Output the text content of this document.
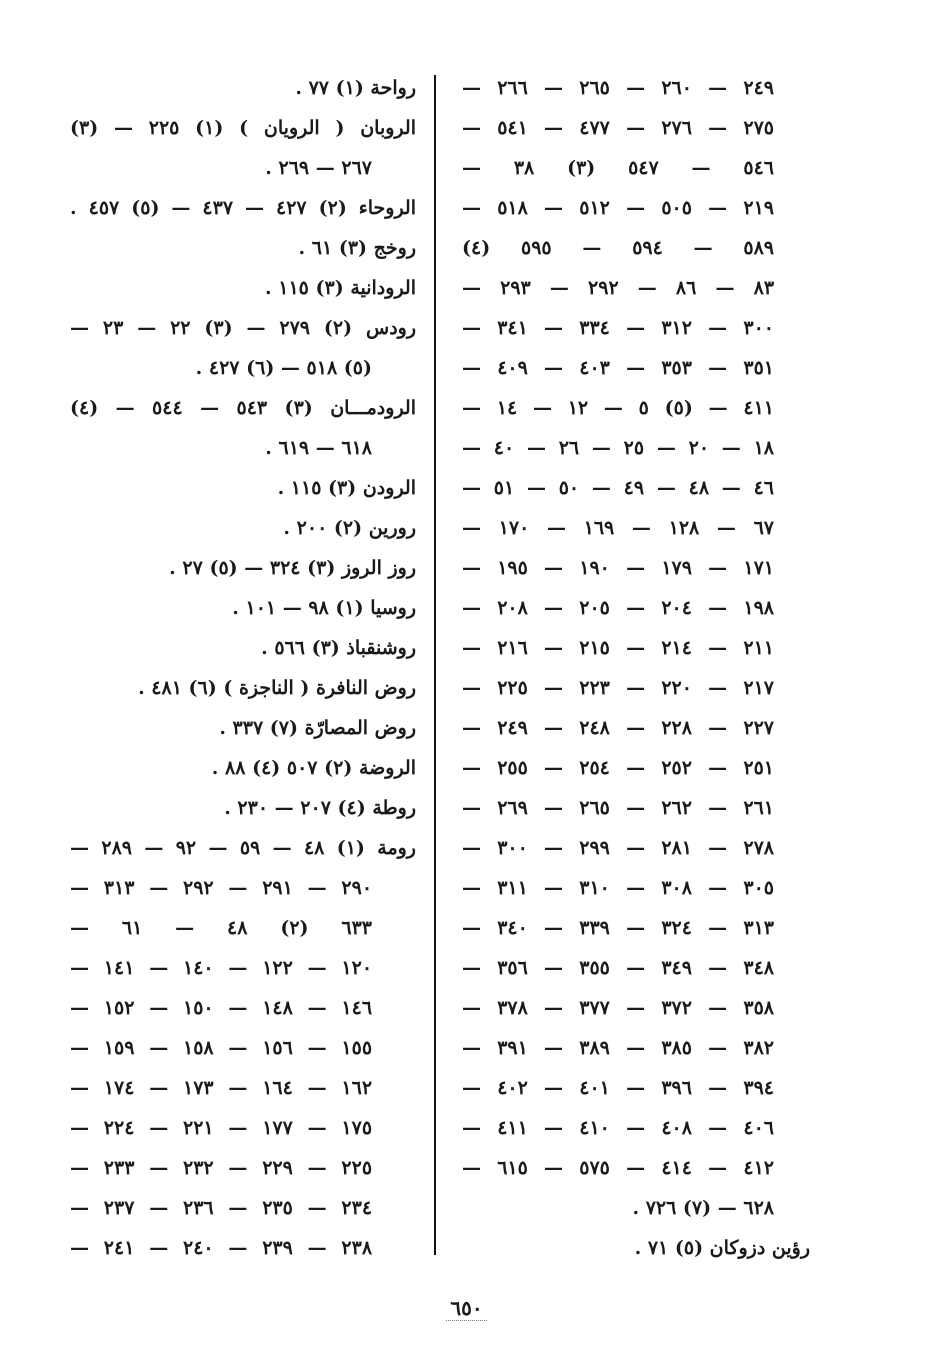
٢٤٩ — ٢٦٠ — ٢٦٥ — ٢٦٦ —
٢٧٥ — ٢٧٦ — ٤٧٧ — ٥٤١ —
٥٤٦ — ٥٤٧ (٣) ٣٨ —
٢١٩ — ٥٠٥ — ٥١٢ — ٥١٨ —
٥٨٩ — ٥٩٤ — ٥٩٥ (٤)
٨٣ — ٨٦ — ٢٩٢ — ٢٩٣ —
٣٠٠ — ٣١٢ — ٣٣٤ — ٣٤١ —
٣٥١ — ٣٥٣ — ٤٠٣ — ٤٠٩ —
٤١١ — (٥) ٥ — ١٢ — ١٤ —
١٨ — ٢٠ — ٢٥ — ٢٦ — ٤٠ —
٤٦ — ٤٨ — ٤٩ — ٥٠ — ٥١ —
٦٧ — ١٢٨ — ١٦٩ — ١٧٠ —
١٧١ — ١٧٩ — ١٩٠ — ١٩٥ —
١٩٨ — ٢٠٤ — ٢٠٥ — ٢٠٨ —
٢١١ — ٢١٤ — ٢١٥ — ٢١٦ —
٢١٧ — ٢٢٠ — ٢٢٣ — ٢٢٥ —
٢٢٧ — ٢٢٨ — ٢٤٨ — ٢٤٩ —
٢٥١ — ٢٥٢ — ٢٥٤ — ٢٥٥ —
٢٦١ — ٢٦٢ — ٢٦٥ — ٢٦٩ —
٢٧٨ — ٢٨١ — ٢٩٩ — ٣٠٠ —
٣٠٥ — ٣٠٨ — ٣١٠ — ٣١١ —
٣١٣ — ٣٢٤ — ٣٣٩ — ٣٤٠ —
٣٤٨ — ٣٤٩ — ٣٥٥ — ٣٥٦ —
٣٥٨ — ٣٧٢ — ٣٧٧ — ٣٧٨ —
٣٨٢ — ٣٨٥ — ٣٨٩ — ٣٩١ —
٣٩٤ — ٣٩٦ — ٤٠١ — ٤٠٢ —
٤٠٦ — ٤٠٨ — ٤١٠ — ٤١١ —
٤١٢ — ٤١٤ — ٥٧٥ — ٦١٥ —
٦٢٨ — (٧) ٧٢٦ .
رؤين دزوكان (٥) ٧١ .
رواحة (١) ٧٧ .
الروبان ( الرويان ) (١) ٢٢٥ — (٣)
٢٦٧ — ٢٦٩ .
الروحاء (٢) ٤٢٧ — ٤٣٧ — (٥) ٤٥٧ .
روخج (٣) ٦١ .
الرودانية (٣) ١١٥ .
رودس (٢) ٢٧٩ — (٣) ٢٢ — ٢٣ —
(٥) ٥١٨ — (٦) ٤٢٧ .
الرودمـــان (٣) ٥٤٣ — ٥٤٤ — (٤)
٦١٨ — ٦١٩ .
الرودن (٣) ١١٥ .
رورين (٢) ٢٠٠ .
روز الروز (٣) ٣٢٤ — (٥) ٢٧ .
روسيا (١) ٩٨ — ١٠١ .
روشنقباذ (٣) ٥٦٦ .
روض النافرة ( الناجزة ) (٦) ٤٨١ .
روض المصارّة (٧) ٣٣٧ .
الروضة (٢) ٥٠٧ (٤) ٨٨ .
روطة (٤) ٢٠٧ — ٢٣٠ .
رومة (١) ٤٨ — ٥٩ — ٩٢ — ٢٨٩ —
٢٩٠ — ٢٩١ — ٢٩٢ — ٣١٣ —
٦٣٣ (٢) ٤٨ — ٦١ —
١٢٠ — ١٢٢ — ١٤٠ — ١٤١ —
١٤٦ — ١٤٨ — ١٥٠ — ١٥٢ —
١٥٥ — ١٥٦ — ١٥٨ — ١٥٩ —
١٦٢ — ١٦٤ — ١٧٣ — ١٧٤ —
١٧٥ — ١٧٧ — ٢٢١ — ٢٢٤ —
٢٢٥ — ٢٢٩ — ٢٣٢ — ٢٣٣ —
٢٣٤ — ٢٣٥ — ٢٣٦ — ٢٣٧ —
٢٣٨ — ٢٣٩ — ٢٤٠ — ٢٤١ —
٦٥٠
